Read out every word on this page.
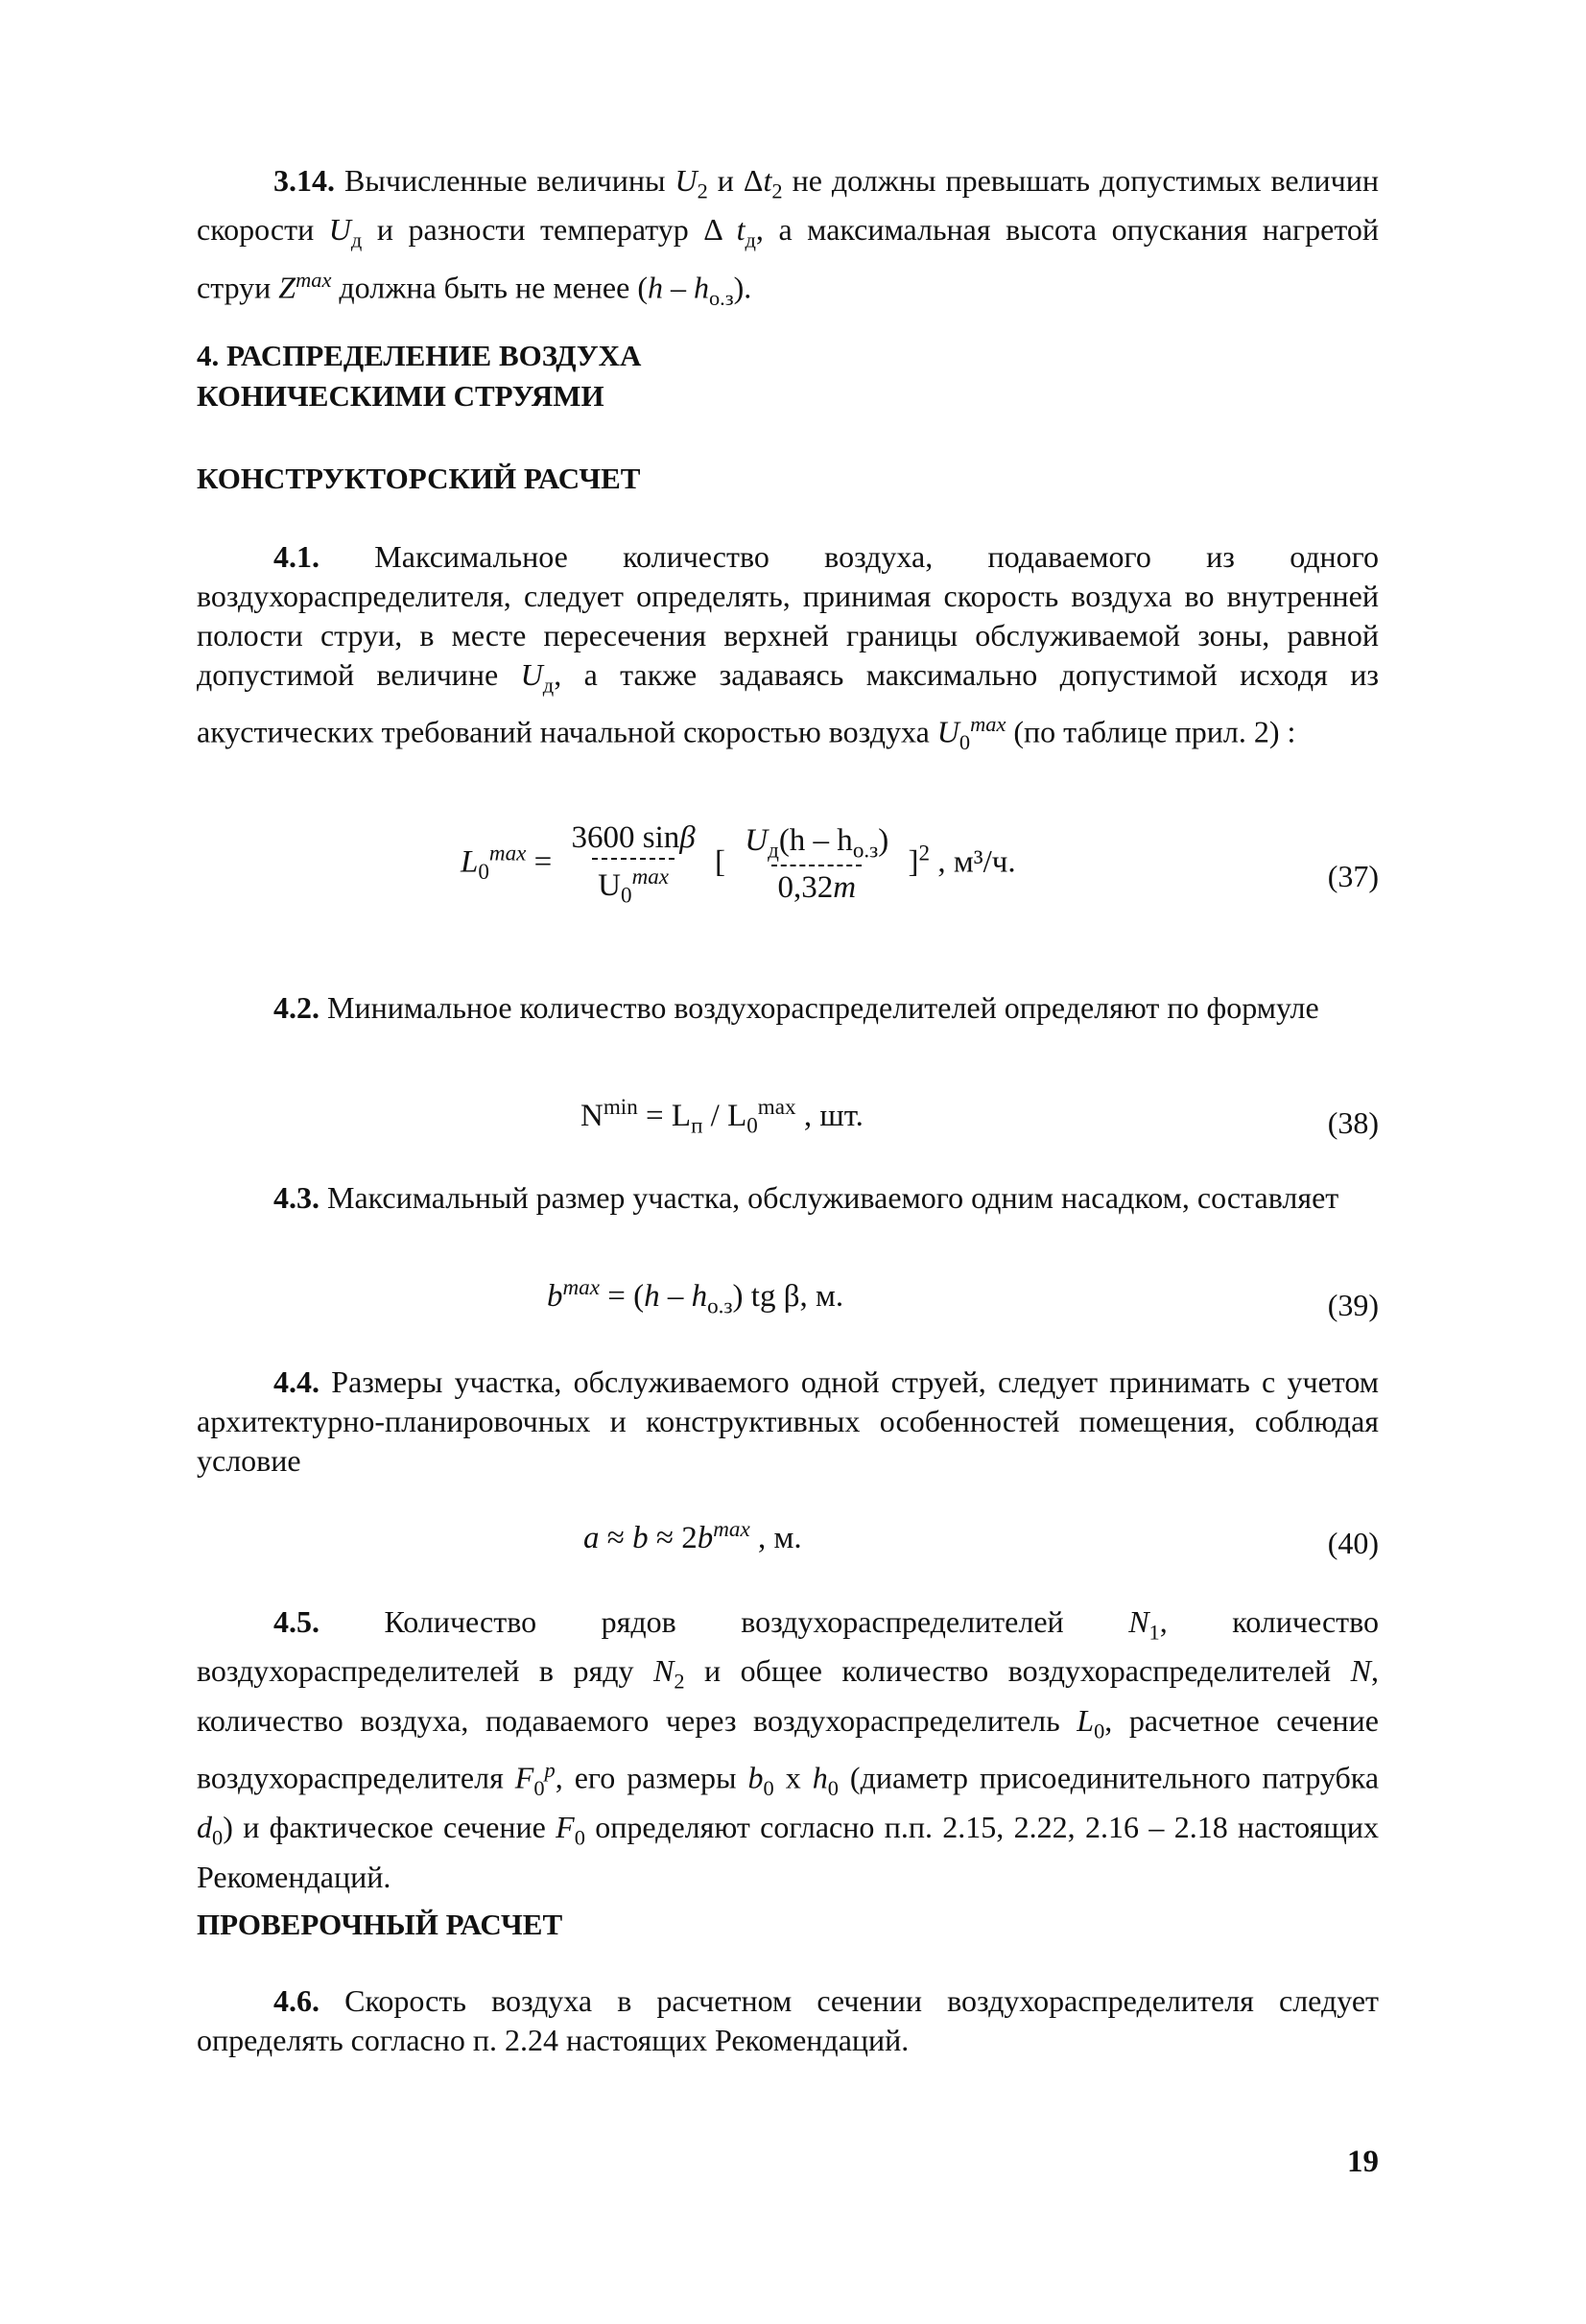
3.14. Вычисленные величины $U_2$ и $\Delta t_2$ не должны превышать допустимых величин скорости $U_д$ и разности температур Δ $t_д$, а максимальная высота опускания нагретой струи $Z^{max}$ должна быть не менее $(h - h_{о.з})$.
4. РАСПРЕДЕЛЕНИЕ ВОЗДУХА
КОНИЧЕСКИМИ СТРУЯМИ
КОНСТРУКТОРСКИЙ РАСЧЕТ
4.1. Максимальное количество воздуха, подаваемого из одного воздухораспределителя, следует определять, принимая скорость воздуха во внутренней полости струи, в месте пересечения верхней границы обслуживаемой зоны, равной допустимой величине $U_д$, а также задаваясь максимально допустимой исходя из акустических требований начальной скоростью воздуха $U_0^{max}$ (по таблице прил. 2) :
$L_0^{max} = \frac{3600 \sin\beta}{U_0^{max}}$ [ $\frac{U_д(h - h_{о.з})}{0,32m} ]^2$ , м³/ч.	(37)
4.2. Минимальное количество воздухораспределителей определяют по формуле
$N^{min} = L_п / L_0^{max}$ , шт.	(38)
4.3. Максимальный размер участка, обслуживаемого одним насадком, составляет
$b^{max} = (h - h_{о.з})$ tg β, м.	(39)
4.4. Размеры участка, обслуживаемого одной струей, следует принимать с учетом архитектурно-планировочных и конструктивных особенностей помещения, соблюдая условие
$a \approx b \approx 2b^{max}$ , м.	(40)
4.5. Количество рядов воздухораспределителей $N_1$, количество воздухораспределителей в ряду $N_2$ и общее количество воздухораспределителей N, количество воздуха, подаваемого через воздухораспределитель $L_0$, расчетное сечение воздухораспределителя $F_0^p$, его размеры $b_0$ x $h_0$ (диаметр присоединительного патрубка $d_0$) и фактическое сечение $F_0$ определяют согласно п.п. 2.15, 2.22, 2.16 – 2.18 настоящих Рекомендаций.
ПРОВЕРОЧНЫЙ РАСЧЕТ
4.6. Скорость воздуха в расчетном сечении воздухораспределителя следует определять согласно п. 2.24 настоящих Рекомендаций.
19
